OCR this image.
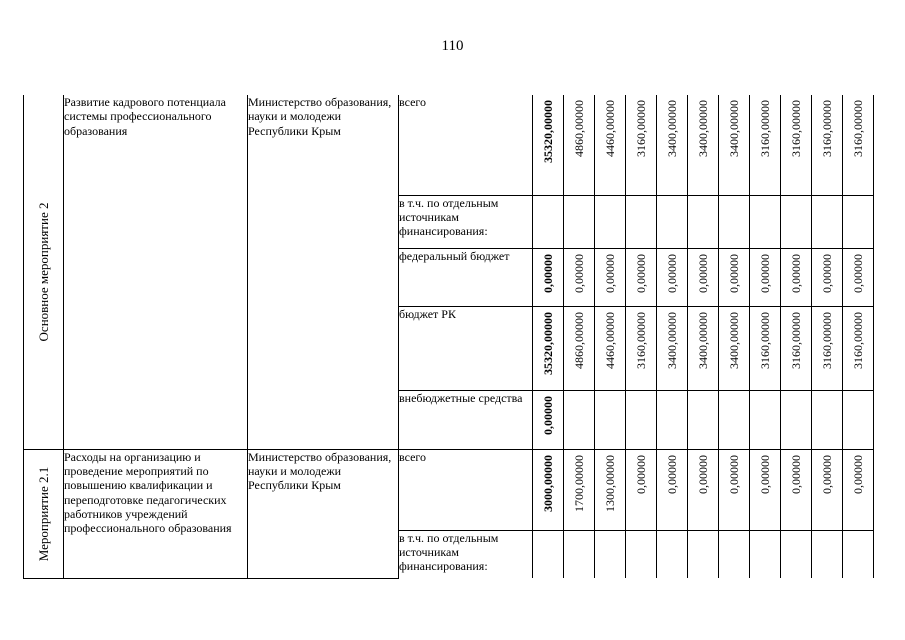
110
Основное мероприятие 2	Развитие кадрового потенциала системы профессионального образования	Министерство образования, науки и молодежи Республики Крым	всего	35320,00000	4860,00000	4460,00000	3160,00000	3400,00000	3400,00000	3400,00000	3160,00000	3160,00000	3160,00000	3160,00000

			в т.ч. по отдельным источникам финансирования:	

			федеральный бюджет	0,00000	0,00000	0,00000	0,00000	0,00000	0,00000	0,00000	0,00000	0,00000	0,00000	0,00000

			бюджет РК	35320,00000	4860,00000	4460,00000	3160,00000	3400,00000	3400,00000	3400,00000	3160,00000	3160,00000	3160,00000	3160,00000

			внебюджетные средства	0,00000										

Мероприятие 2.1	Расходы на организацию и проведение мероприятий по повышению квалификации и переподготовке педагогических работников учреждений профессионального образования	Министерство образования, науки и молодежи Республики Крым	всего	3000,00000	1700,00000	1300,00000	0,00000	0,00000	0,00000	0,00000	0,00000	0,00000	0,00000	0,00000

			в т.ч. по отдельным источникам финансирования:	
